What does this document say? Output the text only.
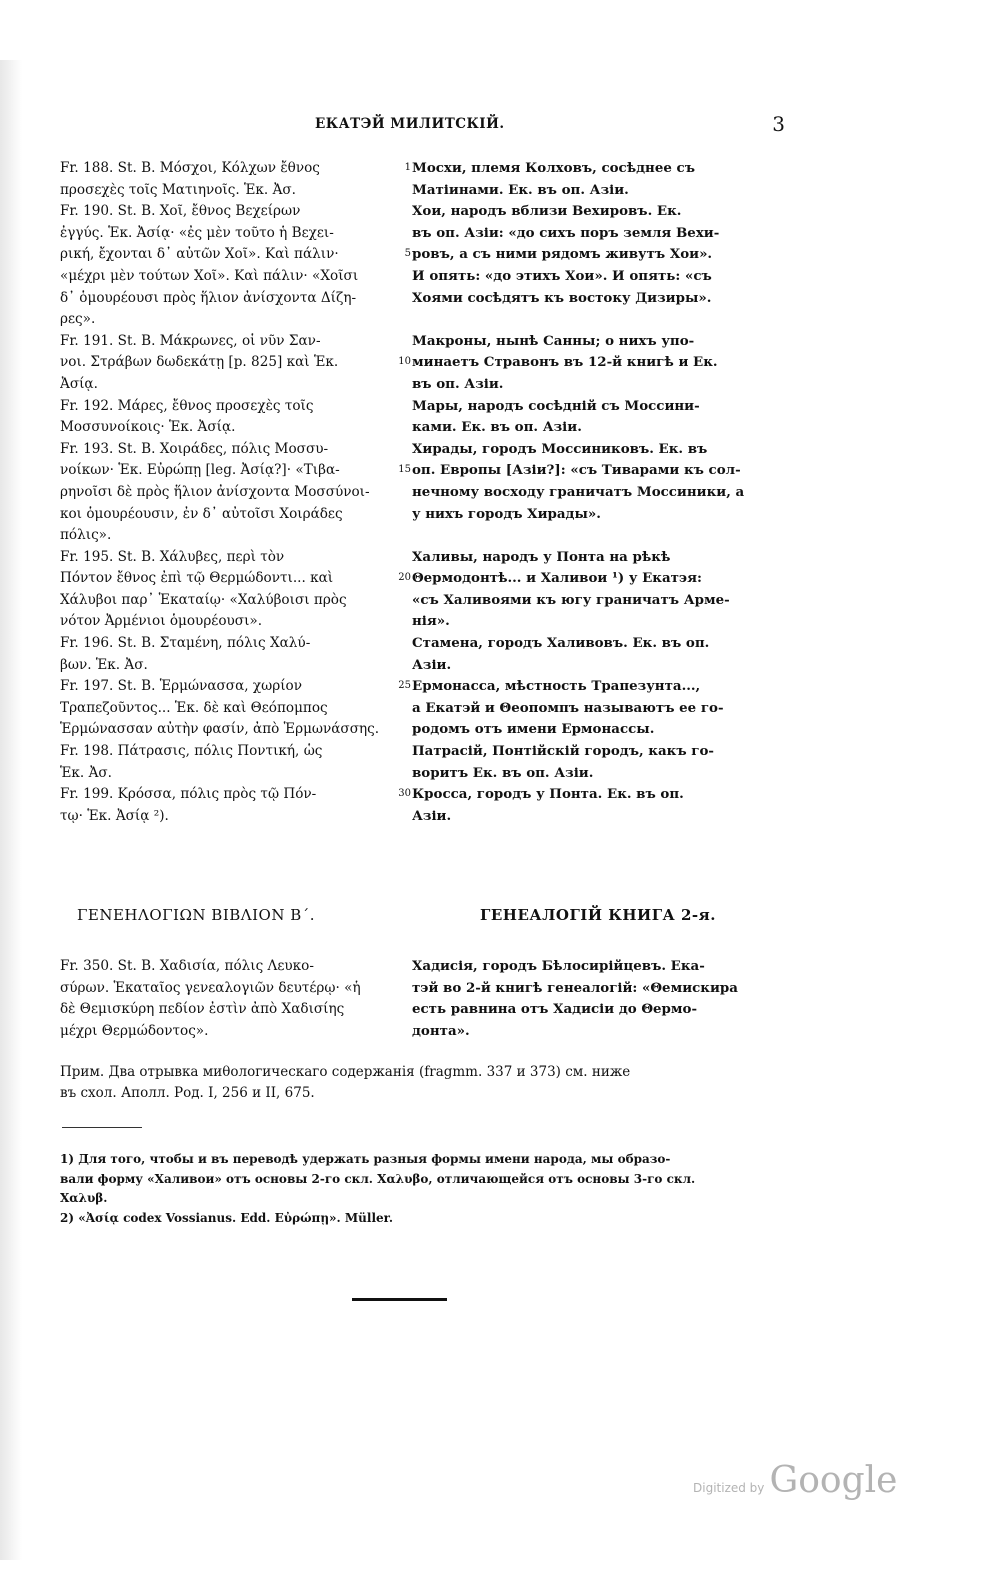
ЕКАТЭЙ МИЛИТСКІЙ.	3
Fr. 188. St. B. Μόσχοι, Κόλχων ἔθνος
προσεχὲς τοῖς Ματιηνοῖς. Ἑκ. Ἀσ.
Fr. 190. St. B. Χοῖ, ἔθνος Βεχείρων
ἐγγύς. Ἑκ. Ἀσίᾳ· «ἐς μὲν τοῦτο ἡ Βεχει-
ρική, ἔχονται δ᾽ αὐτῶν Χοῖ». Καὶ πάλιν·
«μέχρι μὲν τούτων Χοῖ». Καὶ πάλιν· «Χοῖσι
δ᾽ ὁμουρέουσι πρὸς ἥλιον ἀνίσχοντα Δίζη-
ρες».
Fr. 191. St. B. Μάκρωνες, οἱ νῦν Σαν-
νοι. Στράβων δωδεκάτῃ [p. 825] καὶ Ἑκ.
Ἀσίᾳ.
Fr. 192. Μάρες, ἔθνος προσεχὲς τοῖς
Μοσσυνοίκοις· Ἑκ. Ἀσίᾳ.
Fr. 193. St. B. Χοιράδες, πόλις Μοσσυ-
νοίκων· Ἑκ. Εὐρώπῃ [leg. Ἀσίᾳ?]· «Τιβα-
ρηνοῖσι δὲ πρὸς ἥλιον ἀνίσχοντα Μοσσύνοι-
κοι ὁμουρέουσιν, ἐν δ᾽ αὐτοῖσι Χοιράδες
πόλις».
Fr. 195. St. B. Χάλυβες, περὶ τὸν
Πόντον ἔθνος ἐπὶ τῷ Θερμώδοντι... καὶ
Χάλυβοι παρ᾽ Ἑκαταίῳ· «Χαλύβοισι πρὸς
νότον Ἀρμένιοι ὁμουρέουσι».
Fr. 196. St. B. Σταμένη, πόλις Χαλύ-
βων. Ἑκ. Ἀσ.
Fr. 197. St. B. Ἑρμώνασσα, χωρίον
Τραπεζοῦντος... Ἑκ. δὲ καὶ Θεόπομπος
Ἑρμώνασσαν αὐτὴν φασίν, ἀπὸ Ἑρμωνάσσης.
Fr. 198. Πάτρασις, πόλις Ποντική, ὡς
Ἑκ. Ἀσ.
Fr. 199. Κρόσσα, πόλις πρὸς τῷ Πόν-
τῳ· Ἑκ. Ἀσίᾳ ²).
Мосхи, племя Колховъ, сосѣднее съ
Матіинами. Ек. въ оп. Азіи.
Хои, народъ вблизи Вехировъ. Ек.
въ оп. Азіи: «до сихъ поръ земля Вехи-
ровъ, а съ ними рядомъ живутъ Хои».
И опять: «до этихъ Хои». И опять: «съ
Хоями сосѣдятъ къ востоку Дизиры».
Макроны, нынѣ Санны; о нихъ упо-
минаетъ Стравонъ въ 12-й книгѣ и Ек.
въ оп. Азіи.
Мары, народъ сосѣдній съ Моссини-
ками. Ек. въ оп. Азіи.
Хирады, городъ Моссиниковъ. Ек. въ
оп. Европы [Азіи?]: «съ Тиварами къ сол-
нечному восходу граничатъ Моссиники, а
у нихъ городъ Хирады».
Халивы, народъ у Понта на рѣкѣ
Θермодонтѣ... и Халивои ¹) у Екатэя:
«съ Халивоями къ югу граничатъ Арме-
нія».
Стамена, городъ Халивовъ. Ек. въ оп.
Азіи.
Ермонасса, мѣстность Трапезунта...,
а Екатэй и Θеопомпъ называютъ ее го-
родомъ отъ имени Ермонассы.
Патрасій, Понтійскій городъ, какъ го-
воритъ Ек. въ оп. Азіи.
Кросса, городъ у Понта. Ек. въ оп.
Азіи.
1
5
10
15
20
25
30
ΓΕΝΕΗΛΟΓΙΩΝ ΒΙΒΛΙΟΝ Β΄.	ГЕНЕАЛОГІЙ КНИГА 2-я.
Fr. 350. St. B. Χαδισία, πόλις Λευκο-
σύρων. Ἑκαταῖος γενεαλογιῶν δευτέρῳ· «ἡ
δὲ Θεμισκύρη πεδίον ἐστὶν ἀπὸ Χαδισίης
μέχρι Θερμώδοντος».
Хадисія, городъ Бѣлосирійцевъ. Ека-
тэй во 2-й книгѣ генеалогій: «Θемискира
есть равнина отъ Хадисіи до Θермо-
донта».
Прим. Два отрывка миθологическаго содержанія (fragmm. 337 и 373) см. ниже
въ схол. Аполл. Род. I, 256 и II, 675.
1) Для того, чтобы и въ переводѣ удержать разныя формы имени народа, мы образо-
вали форму «Халивои» отъ основы 2-го скл. Χαλυβο, отличающейся отъ основы 3-го скл.
Χαλυβ.
2) «Ἀσίᾳ codex Vossianus. Edd. Εὐρώπῃ». Müller.
Digitized by Google
